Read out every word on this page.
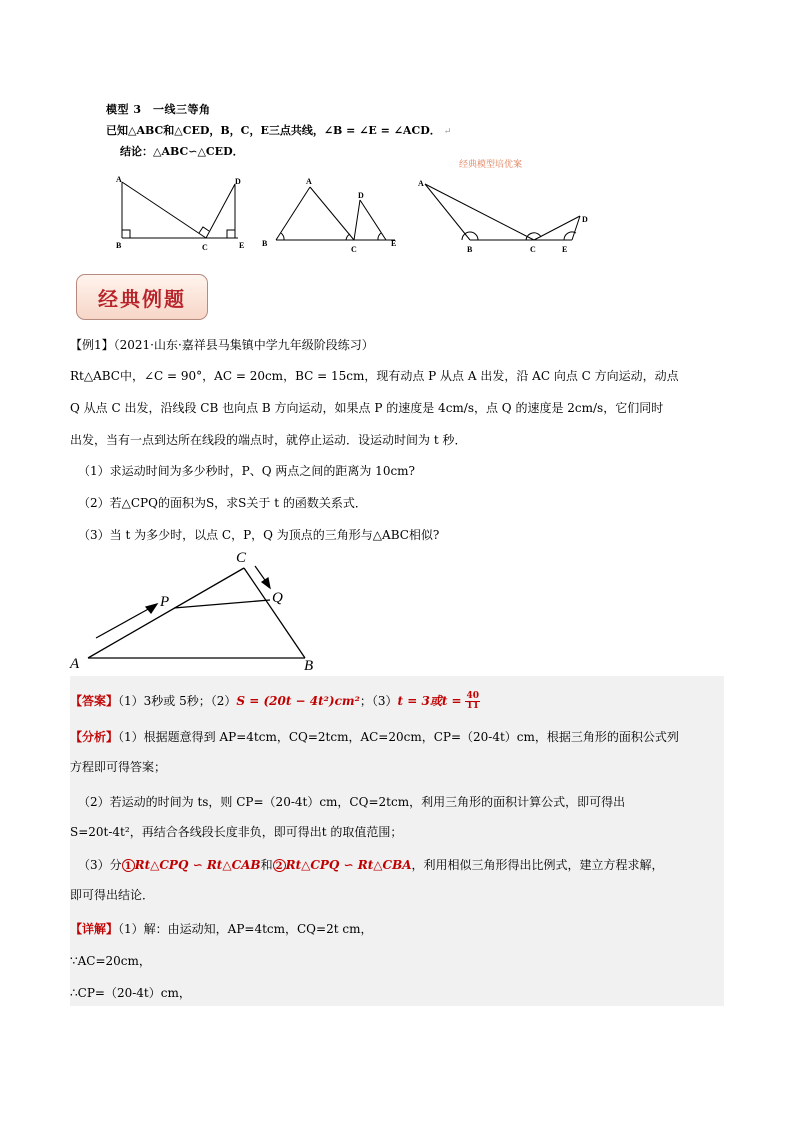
模型 3　一线三等角
已知△ABC和△CED，B，C，E三点共线，∠B = ∠E = ∠ACD． ↵
结论：△ABC∽△CED．
经典模型培优案
A
B	C
D
E B
A
C
D
E
A
B	C
D
E
经典例题
【例1】（2021·山东·嘉祥县马集镇中学九年级阶段练习）
Rt△ABC中，∠C = 90°，AC = 20cm，BC = 15cm，现有动点 P 从点 A 出发，沿 AC 向点 C 方向运动，动点
Q 从点 C 出发，沿线段 CB 也向点 B 方向运动，如果点 P 的速度是 4cm/s，点 Q 的速度是 2cm/s，它们同时
出发，当有一点到达所在线段的端点时，就停止运动．设运动时间为 t 秒．
（1）求运动时间为多少秒时，P、Q 两点之间的距离为 10cm?
（2）若△CPQ的面积为S，求S关于 t 的函数关系式．
（3）当 t 为多少时，以点 C，P，Q 为顶点的三角形与△ABC相似?
A	B
C
P	Q
【答案】（1）3秒或 5秒；（2）S = (20t − 4t²)cm²；（3）t = 3或$t = \frac{40}{11}$
【分析】（1）根据题意得到 AP=4tcm，CQ=2tcm，AC=20cm，CP=（20-4t）cm，根据三角形的面积公式列
方程即可得答案；
（2）若运动的时间为 ts，则 CP=（20-4t）cm，CQ=2tcm，利用三角形的面积计算公式，即可得出
S=20t-4t²，再结合各线段长度非负，即可得出t 的取值范围；
（3）分 1 Rt△CPQ ∽ Rt△CAB和 2 Rt△CPQ ∽ Rt△CBA，利用相似三角形得出比例式，建立方程求解，
即可得出结论．
【详解】（1）解：由运动知，AP=4tcm，CQ=2t cm，
∵AC=20cm，
∴CP=（20-4t）cm，
